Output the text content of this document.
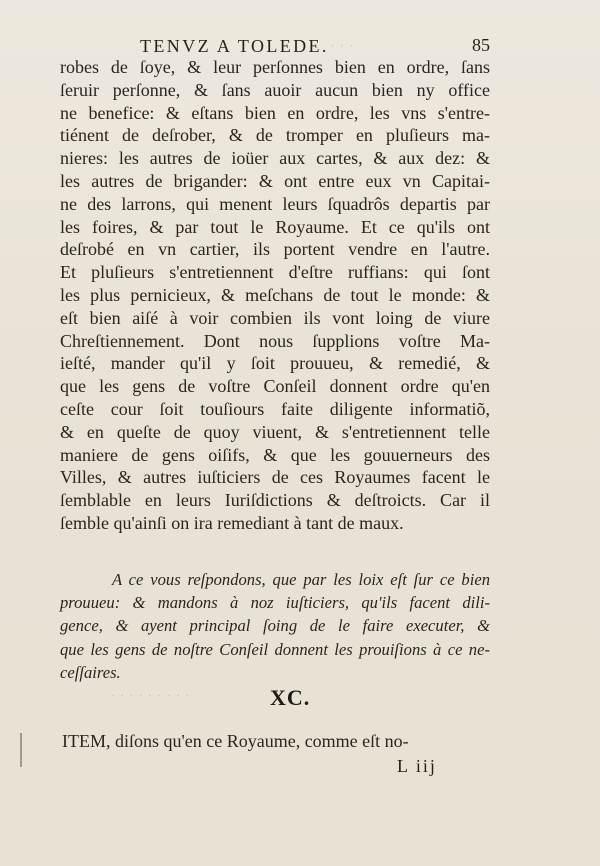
· · ·
· · · · · · · · ·
TENVZ A TOLEDE.	85
robes de ſoye, & leur perſonnes bien en ordre, ſans
ſeruir perſonne, & ſans auoir aucun bien ny office
ne benefice: & eſtans bien en ordre, les vns s'entre-
tiénent de deſrober, & de tromper en pluſieurs ma-
nieres: les autres de ioüer aux cartes, & aux dez: &
les autres de brigander: & ont entre eux vn Capitai-
ne des larrons, qui menent leurs ſquadrôs departis par
les foires, & par tout le Royaume. Et ce qu'ils ont
deſrobé en vn cartier, ils portent vendre en l'autre.
Et pluſieurs s'entretiennent d'eſtre ruffians: qui ſont
les plus pernicieux, & meſchans de tout le monde: &
eſt bien aiſé à voir combien ils vont loing de viure
Chreſtiennement. Dont nous ſupplions voſtre Ma-
ieſté, mander qu'il y ſoit prouueu, & remedié, &
que les gens de voſtre Conſeil donnent ordre qu'en
ceſte cour ſoit touſiours faite diligente informatiõ,
& en queſte de quoy viuent, & s'entretiennent telle
maniere de gens oiſifs, & que les gouuerneurs des
Villes, & autres iuſticiers de ces Royaumes facent le
ſemblable en leurs Iuriſdictions & deſtroicts. Car il
ſemble qu'ainſi on ira remediant à tant de maux.
A ce vous reſpondons, que par les loix eſt ſur ce bien
prouueu: & mandons à noz iuſticiers, qu'ils facent dili-
gence, & ayent principal ſoing de le faire executer, &
que les gens de noſtre Conſeil donnent les prouiſions à ce ne-
ceſſaires.
XC.
ITEM, diſons qu'en ce Royaume, comme eſt no-
L iij
